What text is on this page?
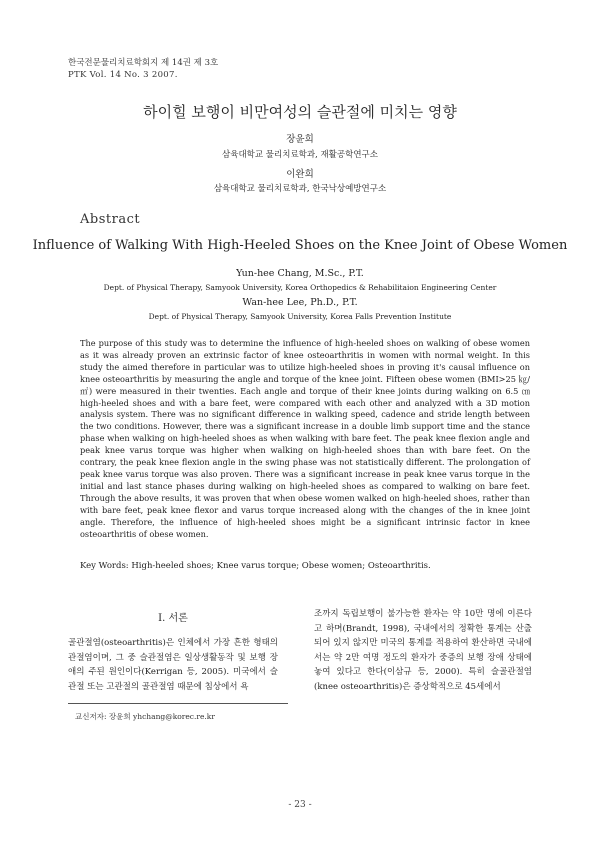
한국전문물리치료학회지 제 14권 제 3호
PTK Vol. 14 No. 3 2007.
하이힐 보행이 비만여성의 슬관절에 미치는 영향
장윤희
삼육대학교 물리치료학과, 재활공학연구소
이완희
삼육대학교 물리치료학과, 한국낙상예방연구소
Abstract
Influence of Walking With High-Heeled Shoes on the Knee Joint of Obese Women
Yun-hee Chang, M.Sc., P.T.
Dept. of Physical Therapy, Samyook University, Korea Orthopedics & Rehabilitaion Engineering Center
Wan-hee Lee, Ph.D., P.T.
Dept. of Physical Therapy, Samyook University, Korea Falls Prevention Institute
The purpose of this study was to determine the influence of high-heeled shoes on walking of obese women as it was already proven an extrinsic factor of knee osteoarthritis in women with normal weight. In this study the aimed therefore in particular was to utilize high-heeled shoes in proving it's causal influence on knee osteoarthritis by measuring the angle and torque of the knee joint. Fifteen obese women (BMI>25 ㎏/㎡) were measured in their twenties. Each angle and torque of their knee joints during walking on 6.5 ㎝ high-heeled shoes and with a bare feet, were compared with each other and analyzed with a 3D motion analysis system. There was no significant difference in walking speed, cadence and stride length between the two conditions. However, there was a significant increase in a double limb support time and the stance phase when walking on high-heeled shoes as when walking with bare feet. The peak knee flexion angle and peak knee varus torque was higher when walking on high-heeled shoes than with bare feet. On the contrary, the peak knee flexion angle in the swing phase was not statistically different. The prolongation of peak knee varus torque was also proven. There was a significant increase in peak knee varus torque in the initial and last stance phases during walking on high-heeled shoes as compared to walking on bare feet. Through the above results, it was proven that when obese women walked on high-heeled shoes, rather than with bare feet, peak knee flexor and varus torque increased along with the changes of the in knee joint angle. Therefore, the influence of high-heeled shoes might be a significant intrinsic factor in knee osteoarthritis of obese women.
Key Words: High-heeled shoes; Knee varus torque; Obese women; Osteoarthritis.
Ⅰ. 서론
골관절염(osteoarthritis)은 인체에서 가장 흔한 형태의 관절염이며, 그 중 슬관절염은 일상생활동작 및 보행 장애의 주된 원인이다(Kerrigan 등, 2005). 미국에서 슬관절 또는 고관절의 골관절염 때문에 침상에서 욕
조까지 독립보행이 불가능한 환자는 약 10만 명에 이른다고 하며(Brandt, 1998), 국내에서의 정확한 통계는 산출되어 있지 않지만 미국의 통계를 적용하여 환산하면 국내에서는 약 2만 여명 정도의 환자가 중증의 보행 장애 상태에 놓여 있다고 한다(이삼규 등, 2000). 특히 슬골관절염(knee osteoarthritis)은 증상학적으로 45세에서
교신저자: 장윤희 yhchang@korec.re.kr
- 23 -
